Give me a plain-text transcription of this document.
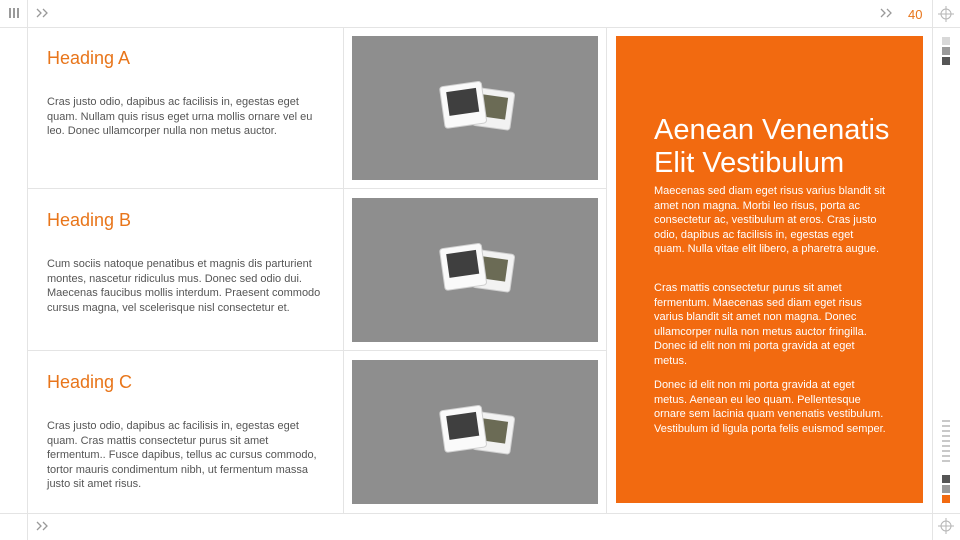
40
Heading A

Cras justo odio, dapibus ac facilisis in, egestas eget quam. Nullam quis risus eget urna mollis ornare vel eu leo. Donec ullamcorper nulla non metus auctor.

Heading B

Cum sociis natoque penatibus et magnis dis parturient montes, nascetur ridiculus mus. Donec sed odio dui. Maecenas faucibus mollis interdum. Praesent commodo cursus magna, vel scelerisque nisl consectetur et.

Heading C

Cras justo odio, dapibus ac facilisis in, egestas eget quam. Cras mattis consectetur purus sit amet fermentum.. Fusce dapibus, tellus ac cursus commodo, tortor mauris condimentum nibh, ut fermentum massa justo sit amet risus.

Aenean Venenatis Elit Vestibulum

Maecenas sed diam eget risus varius blandit sit amet non magna. Morbi leo risus, porta ac consectetur ac, vestibulum at eros. Cras justo odio, dapibus ac facilisis in, egestas eget quam. Nulla vitae elit libero, a pharetra augue.

Cras mattis consectetur purus sit amet fermentum. Maecenas sed diam eget risus varius blandit sit amet non magna. Donec ullamcorper nulla non metus auctor fringilla. Donec id elit non mi porta gravida at eget metus.

Donec id elit non mi porta gravida at eget metus. Aenean eu leo quam. Pellentesque ornare sem lacinia quam venenatis vestibulum. Vestibulum id ligula porta felis euismod semper.
